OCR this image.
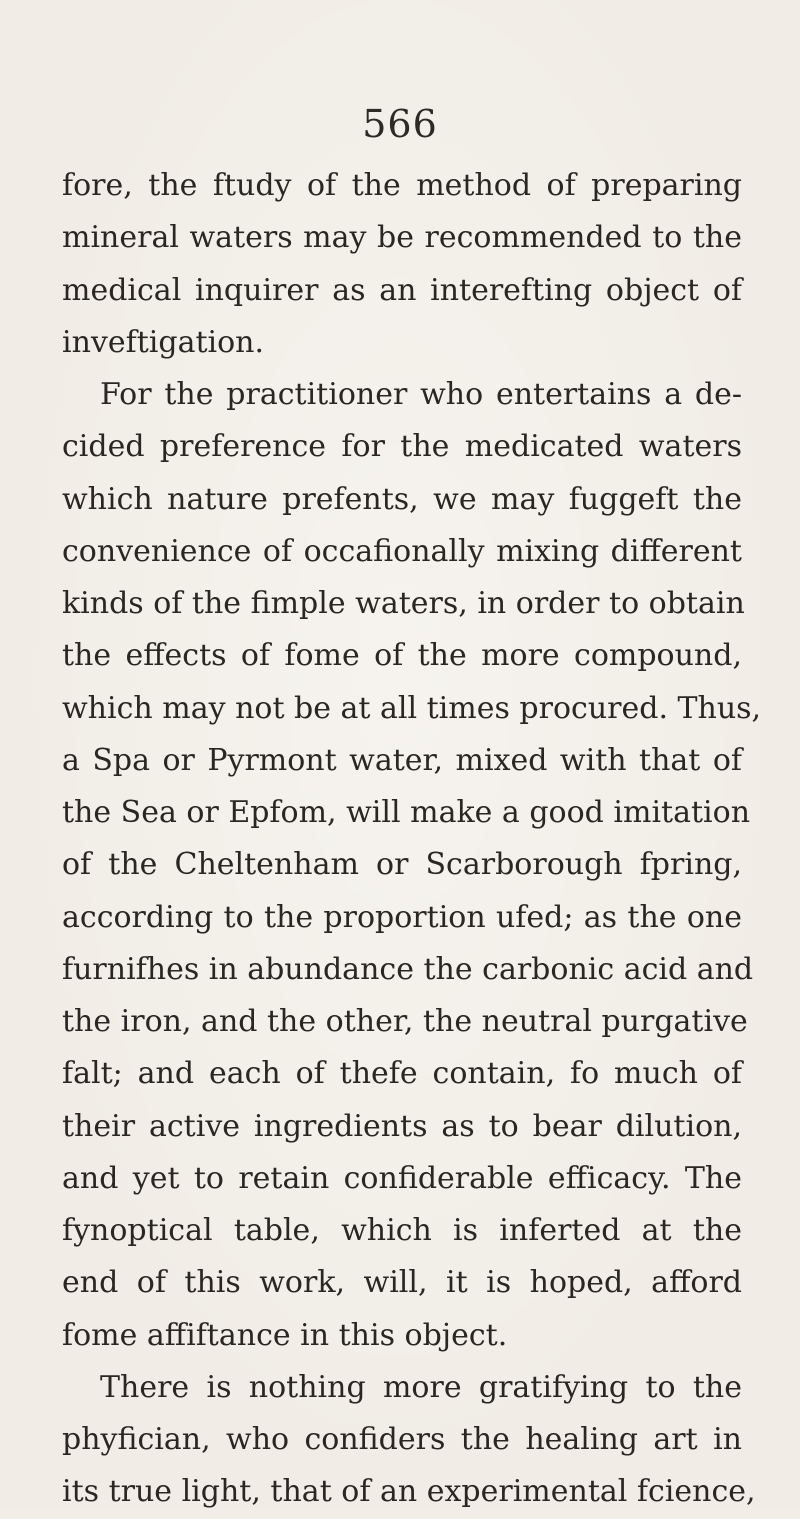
566
fore, the ftudy of the method of preparing
mineral waters may be recommended to the
medical inquirer as an interefting object of
inveftigation.
For the practitioner who entertains a de-
cided preference for the medicated waters
which nature prefents, we may fuggeft the
convenience of occafionally mixing different
kinds of the fimple waters, in order to obtain
the effects of fome of the more compound,
which may not be at all times procured. Thus,
a Spa or Pyrmont water, mixed with that of
the Sea or Epfom, will make a good imitation
of the Cheltenham or Scarborough fpring,
according to the proportion ufed; as the one
furnifhes in abundance the carbonic acid and
the iron, and the other, the neutral purgative
falt; and each of thefe contain, fo much of
their active ingredients as to bear dilution,
and yet to retain confiderable efficacy. The
fynoptical table, which is inferted at the
end of this work, will, it is hoped, afford
fome affiftance in this object.
There is nothing more gratifying to the
phyfician, who confiders the healing art in
its true light, that of an experimental fcience,
